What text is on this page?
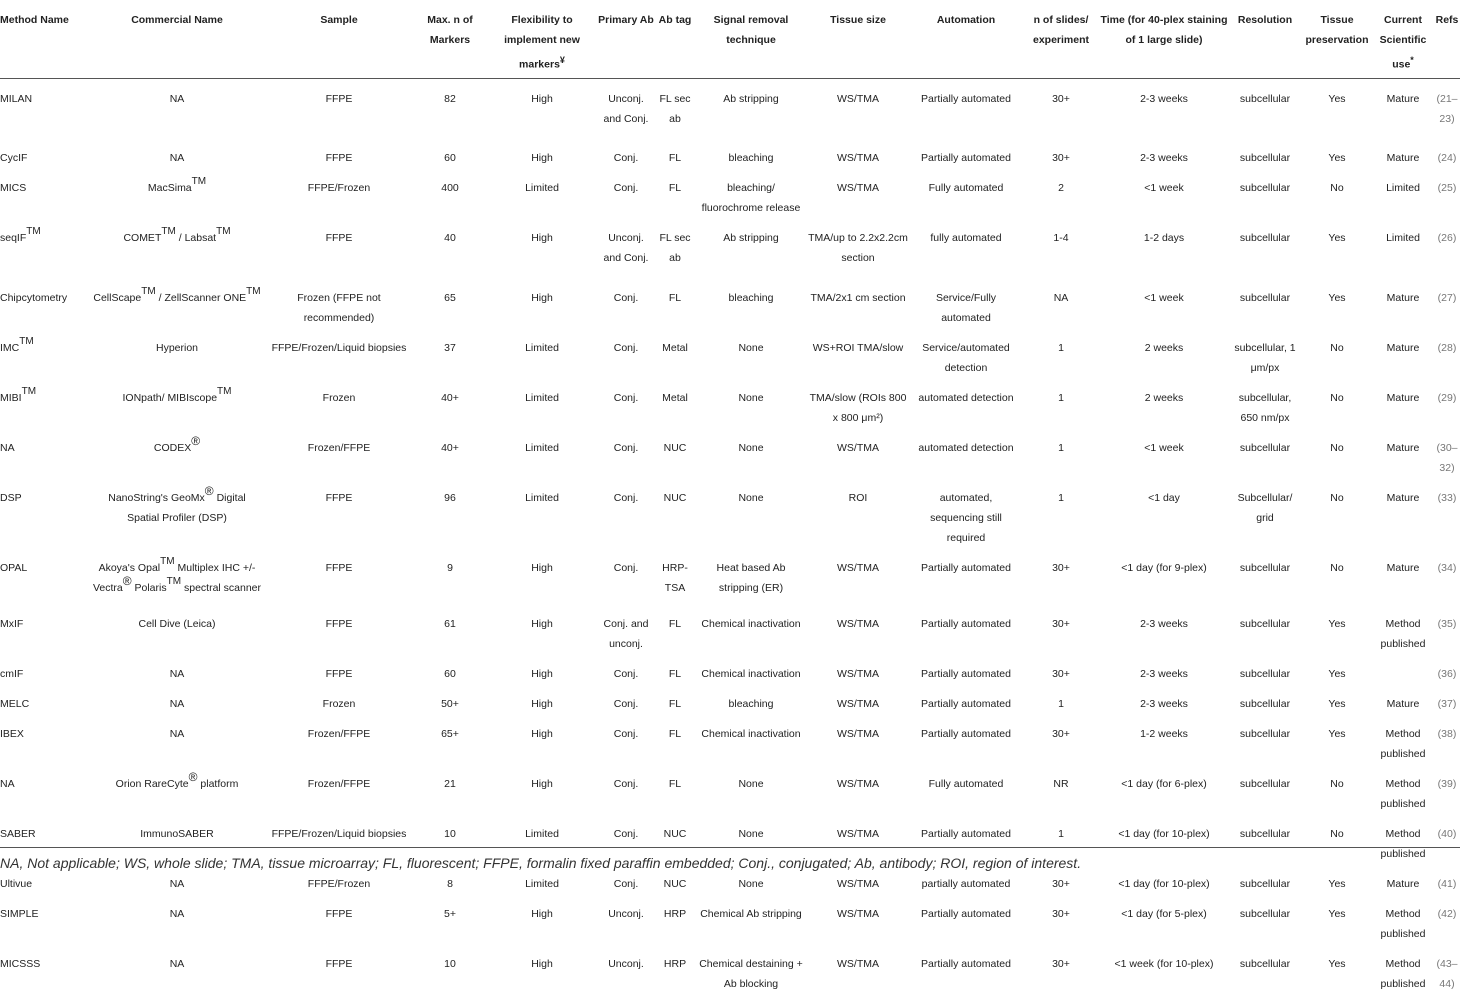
Method Name	Commercial Name	Sample	Max. n of Markers	Flexibility to implement new markers¥	Primary Ab	Ab tag	Signal removal technique	Tissue size	Automation	n of slides/ experiment	Time (for 40-plex staining of 1 large slide)	Resolution	Tissue preservation	Current Scientific use*	Refs
MILAN	NA	FFPE	82	High	Unconj. and Conj.	FL sec ab	Ab stripping	WS/TMA	Partially automated	30+	2-3 weeks	subcellular	Yes	Mature	(21–23)
CycIF	NA	FFPE	60	High	Conj.	FL	bleaching	WS/TMA	Partially automated	30+	2-3 weeks	subcellular	Yes	Mature	(24)
MICS	MacSimaTM	FFPE/Frozen	400	Limited	Conj.	FL	bleaching/ fluorochrome release	WS/TMA	Fully automated	2	<1 week	subcellular	No	Limited	(25)
seqIFTM	COMETTM / LabsatTM	FFPE	40	High	Unconj. and Conj.	FL sec ab	Ab stripping	TMA/up to 2.2x2.2cm section	fully automated	1-4	1-2 days	subcellular	Yes	Limited	(26)
Chipcytometry	CellScapeTM / ZellScanner ONETM	Frozen (FFPE not recommended)	65	High	Conj.	FL	bleaching	TMA/2x1 cm section	Service/Fully automated	NA	<1 week	subcellular	Yes	Mature	(27)
IMCTM	Hyperion	FFPE/Frozen/Liquid biopsies	37	Limited	Conj.	Metal	None	WS+ROI TMA/slow	Service/automated detection	1	2 weeks	subcellular, 1 μm/px	No	Mature	(28)
MIBITM	IONpath/ MIBIscopeTM	Frozen	40+	Limited	Conj.	Metal	None	TMA/slow (ROIs 800 x 800 μm²)	automated detection	1	2 weeks	subcellular, 650 nm/px	No	Mature	(29)
NA	CODEX®	Frozen/FFPE	40+	Limited	Conj.	NUC	None	WS/TMA	automated detection	1	<1 week	subcellular	No	Mature	(30–32)
DSP	NanoString's GeoMx® Digital Spatial Profiler (DSP)	FFPE	96	Limited	Conj.	NUC	None	ROI	automated, sequencing still required	1	<1 day	Subcellular/ grid	No	Mature	(33)
OPAL	Akoya's OpalTM Multiplex IHC +/- Vectra® PolarisTM spectral scanner	FFPE	9	High	Conj.	HRP-TSA	Heat based Ab stripping (ER)	WS/TMA	Partially automated	30+	<1 day (for 9-plex)	subcellular	No	Mature	(34)
MxIF	Cell Dive (Leica)	FFPE	61	High	Conj. and unconj.	FL	Chemical inactivation	WS/TMA	Partially automated	30+	2-3 weeks	subcellular	Yes	Method published	(35)
cmIF	NA	FFPE	60	High	Conj.	FL	Chemical inactivation	WS/TMA	Partially automated	30+	2-3 weeks	subcellular	Yes		(36)
MELC	NA	Frozen	50+	High	Conj.	FL	bleaching	WS/TMA	Partially automated	1	2-3 weeks	subcellular	Yes	Mature	(37)
IBEX	NA	Frozen/FFPE	65+	High	Conj.	FL	Chemical inactivation	WS/TMA	Partially automated	30+	1-2 weeks	subcellular	Yes	Method published	(38)
NA	Orion RareCyte® platform	Frozen/FFPE	21	High	Conj.	FL	None	WS/TMA	Fully automated	NR	<1 day (for 6-plex)	subcellular	No	Method published	(39)
SABER	ImmunoSABER	FFPE/Frozen/Liquid biopsies	10	Limited	Conj.	NUC	None	WS/TMA	Partially automated	1	<1 day (for 10-plex)	subcellular	No	Method published	(40)
Ultivue	NA	FFPE/Frozen	8	Limited	Conj.	NUC	None	WS/TMA	partially automated	30+	<1 day (for 10-plex)	subcellular	Yes	Mature	(41)
SIMPLE	NA	FFPE	5+	High	Unconj.	HRP	Chemical Ab stripping	WS/TMA	Partially automated	30+	<1 day (for 5-plex)	subcellular	Yes	Method published	(42)
MICSSS	NA	FFPE	10	High	Unconj.	HRP	Chemical destaining + Ab blocking	WS/TMA	Partially automated	30+	<1 week (for 10-plex)	subcellular	Yes	Method published	(43–44)
NA, Not applicable; WS, whole slide; TMA, tissue microarray; FL, fluorescent; FFPE, formalin fixed paraffin embedded; Conj., conjugated; Ab, antibody; ROI, region of interest.
